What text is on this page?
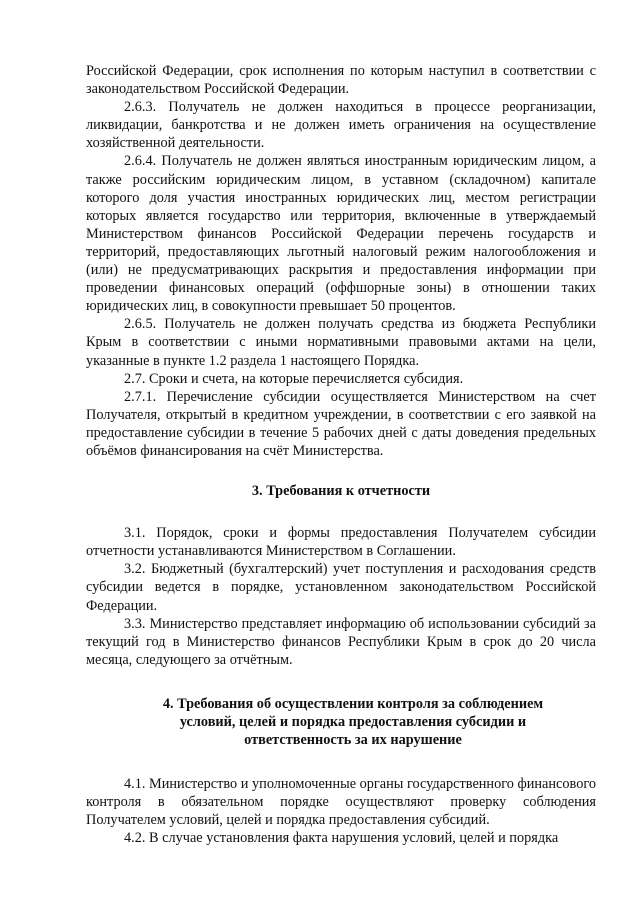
Российской Федерации, срок исполнения по которым наступил в соответствии с законодательством Российской Федерации.

2.6.3. Получатель не должен находиться в процессе реорганизации, ликвидации, банкротства и не должен иметь ограничения на осуществление хозяйственной деятельности.

2.6.4. Получатель не должен являться иностранным юридическим лицом, а также российским юридическим лицом, в уставном (складочном) капитале которого доля участия иностранных юридических лиц, местом регистрации которых является государство или территория, включенные в утверждаемый Министерством финансов Российской Федерации перечень государств и территорий, предоставляющих льготный налоговый режим налогообложения и (или) не предусматривающих раскрытия и предоставления информации при проведении финансовых операций (оффшорные зоны) в отношении таких юридических лиц, в совокупности превышает 50 процентов.

2.6.5. Получатель не должен получать средства из бюджета Республики Крым в соответствии с иными нормативными правовыми актами на цели, указанные в пункте 1.2 раздела 1 настоящего Порядка.

2.7. Сроки и счета, на которые перечисляется субсидия.

2.7.1. Перечисление субсидии осуществляется Министерством на счет Получателя, открытый в кредитном учреждении, в соответствии с его заявкой на предоставление субсидии в течение 5 рабочих дней с даты доведения предельных объёмов финансирования на счёт Министерства.

3. Требования к отчетности

3.1. Порядок, сроки и формы предоставления Получателем субсидии отчетности устанавливаются Министерством в Соглашении.

3.2. Бюджетный (бухгалтерский) учет поступления и расходования средств субсидии ведется в порядке, установленном законодательством Российской Федерации.

3.3. Министерство представляет информацию об использовании субсидий за текущий год в Министерство финансов Республики Крым в срок до 20 числа месяца, следующего за отчётным.

4. Требования об осуществлении контроля за соблюдением
условий, целей и порядка предоставления субсидии и
ответственность за их нарушение

4.1. Министерство и уполномоченные органы государственного финансового контроля в обязательном порядке осуществляют проверку соблюдения Получателем условий, целей и порядка предоставления субсидий.

4.2. В случае установления факта нарушения условий, целей и порядка
